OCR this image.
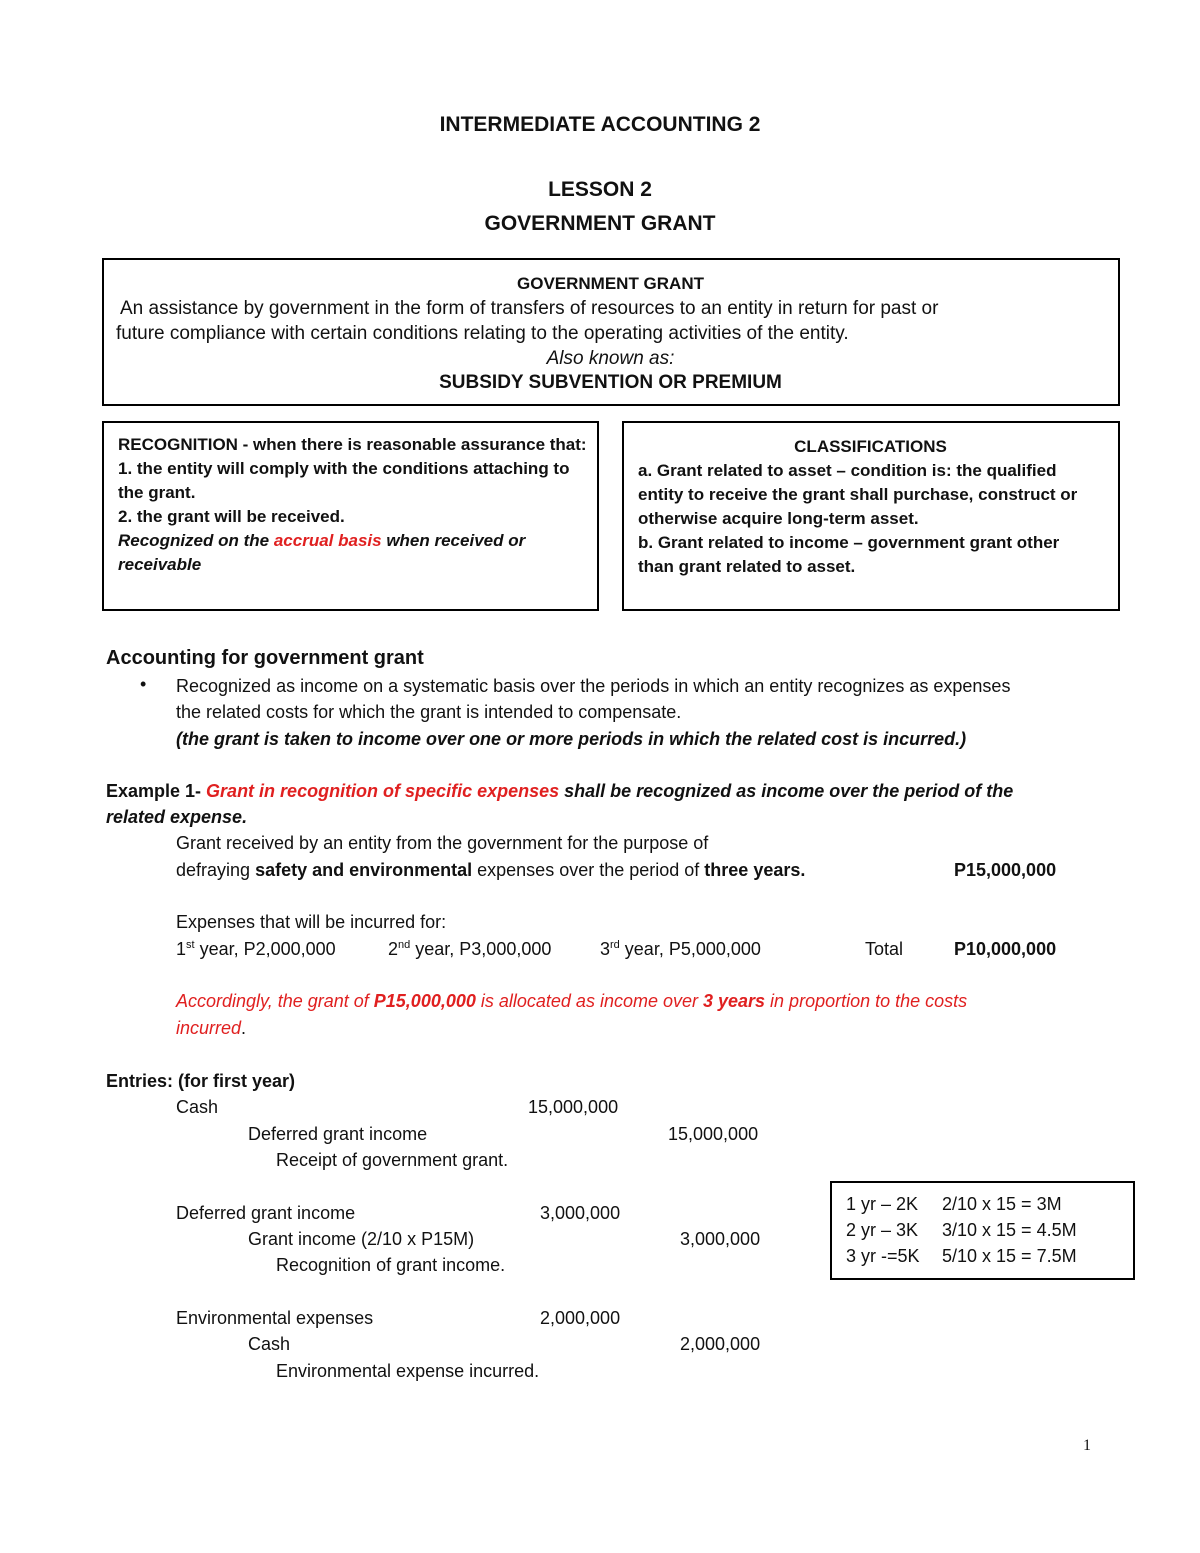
INTERMEDIATE ACCOUNTING 2
LESSON 2
GOVERNMENT GRANT
GOVERNMENT GRANT
An assistance by government in the form of transfers of resources to an entity in return for past or
future compliance with certain conditions relating to the operating activities of the entity.
Also known as:
SUBSIDY SUBVENTION OR PREMIUM
RECOGNITION - when there is reasonable assurance that:
1. the entity will comply with the conditions attaching to
the grant.
2. the grant will be received.
Recognized on the accrual basis when received or
receivable
CLASSIFICATIONS
a. Grant related to asset – condition is: the qualified
entity to receive the grant shall purchase, construct or
otherwise acquire long-term asset.
b. Grant related to income – government grant other
than grant related to asset.
Accounting for government grant
• Recognized as income on a systematic basis over the periods in which an entity recognizes as expenses
the related costs for which the grant is intended to compensate.
(the grant is taken to income over one or more periods in which the related cost is incurred.)
Example 1- Grant in recognition of specific expenses shall be recognized as income over the period of the
related expense.
Grant received by an entity from the government for the purpose of
defraying safety and environmental expenses over the period of three years.	P15,000,000
Expenses that will be incurred for:
1st year, P2,000,000	2nd year, P3,000,000	3rd year, P5,000,000	Total	P10,000,000
Accordingly, the grant of P15,000,000 is allocated as income over 3 years in proportion to the costs
incurred.
Entries: (for first year)
Cash	15,000,000
Deferred grant income	15,000,000
Receipt of government grant.
Deferred grant income	3,000,000
Grant income (2/10 x P15M)	3,000,000
Recognition of grant income.
Environmental expenses	2,000,000
Cash	2,000,000
Environmental expense incurred.
1 yr – 2K 2/10 x 15 = 3M
2 yr – 3K 3/10 x 15 = 4.5M
3 yr -=5K 5/10 x 15 = 7.5M
1
